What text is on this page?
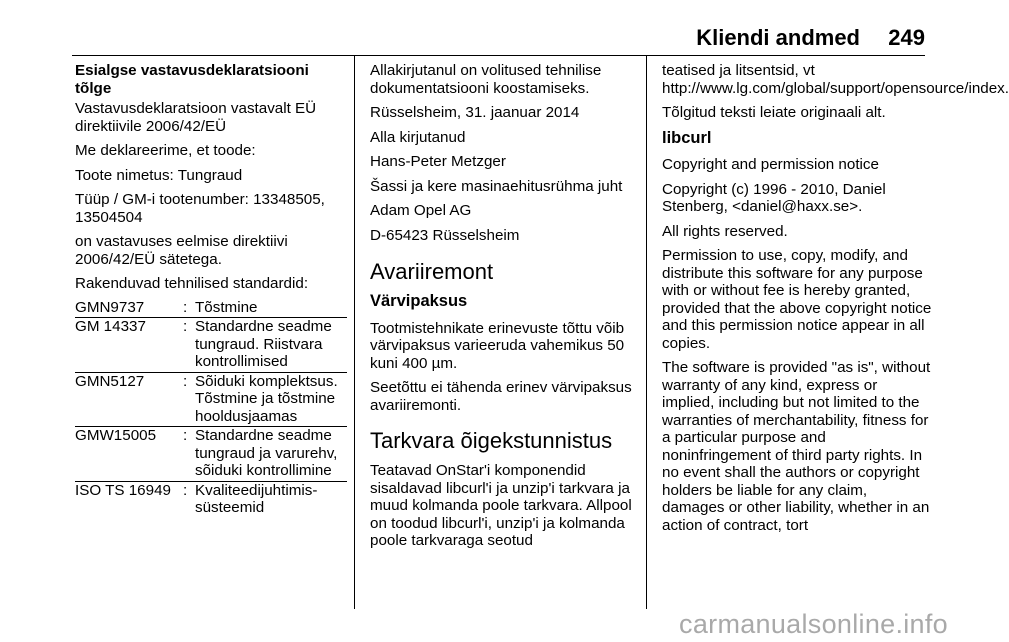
Kliendi andmed 249
Esialgse vastavusdeklaratsiooni tõlge
Vastavusdeklaratsioon vastavalt EÜ direktiivile 2006/42/EÜ
Me deklareerime, et toode:
Toote nimetus: Tungraud
Tüüp / GM-i tootenumber: 13348505, 13504504
on vastavuses eelmise direktiivi 2006/42/EÜ sätetega.
Rakenduvad tehnilised standardid:
GMN9737	:	Tõstmine
GM 14337	:	Standardne seadme tungraud. Riistvara kontrollimised
GMN5127	:	Sõiduki komplektsus. Tõstmine ja tõstmine hooldusjaamas
GMW15005	:	Standardne seadme tungraud ja varurehv, sõiduki kontrollimine
ISO TS 16949	:	Kvaliteedijuhtimis-süsteemid
Allakirjutanul on volitused tehnilise dokumentatsiooni koostamiseks.
Rüsselsheim, 31. jaanuar 2014
Alla kirjutanud
Hans-Peter Metzger
Šassi ja kere masinaehitusrühma juht
Adam Opel AG
D-65423 Rüsselsheim
Avariiremont
Värvipaksus
Tootmistehnikate erinevuste tõttu võib värvipaksus varieeruda vahemikus 50 kuni 400 µm.
Seetõttu ei tähenda erinev värvipaksus avariiremonti.
Tarkvara õigekstunnistus
Teatavad OnStar'i komponendid sisaldavad libcurl'i ja unzip'i tarkvara ja muud kolmanda poole tarkvara. Allpool on toodud libcurl'i, unzip'i ja kolmanda poole tarkvaraga seotud
teatised ja litsentsid, vt http://www.lg.com/global/support/opensource/index.
Tõlgitud teksti leiate originaali alt.
libcurl
Copyright and permission notice
Copyright (c) 1996 - 2010, Daniel Stenberg, <daniel@haxx.se>.
All rights reserved.
Permission to use, copy, modify, and distribute this software for any purpose with or without fee is hereby granted, provided that the above copyright notice and this permission notice appear in all copies.
The software is provided "as is", without warranty of any kind, express or implied, including but not limited to the warranties of merchantability, fitness for a particular purpose and noninfringement of third party rights. In no event shall the authors or copyright holders be liable for any claim, damages or other liability, whether in an action of contract, tort
carmanualsonline.info
